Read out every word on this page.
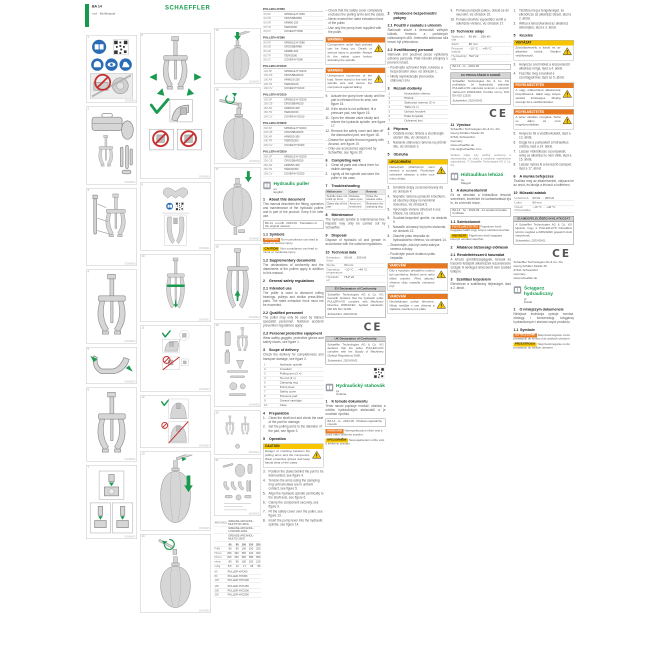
BA 14
mul · Multilingual
SCHAEFFLER
1
000A86D9
2
000A86DA
3
000A86DB
4
000A86DC
5
000A86DD
6
000A86DE
7
000A86DF
8
000A86E0
9
000A86E1
10
000A86E2
11
000A86E3
12
000A86E4
13
000A86E5
14
000A86E6
15
000A86E7
16
000A86E8
17
000A86E9
18
000A86EA
19
000A86EB
20
000A86EC
21
000A86ED
ARCANOL	GREASE-ARCANOL-MULTITOP-400G
	GREASE-ARCANOL-LOAD400-400G
	GREASE-ARCANOL-MULTI2-250G
	60	80	100	150	250
F/kN	60	80	100	150	250
H/mm	250	320	350	420	640
D/mm	200	250	300	380	650
s/mm	80	80	100	100	120
m/kg	8,5	12	17	28	86
60	PULLER-HYD60
80	PULLER-HYD80
100	PULLER-HYD100
150	PULLER-HYD150
200	PULLER-HYD200
250	PULLER-HYD250
PULLER-HYD60
60.SP	SPINDLE-HYD60
60.CB	CROSSBAR60
60.AR	ARM60-150
60.TR	TIEROD60
60.CV	COVER-HYD60
PULLER-HYD80
80.SP	SPINDLE-HYD80
80.CB	CROSSBAR80
80.AR	ARM80-200
80.TR	TIEROD80
80.CV	COVER-HYD80
PULLER-HYD100
100.SP	SPINDLE-HYD100
100.CB	CROSSBAR100
100.AR	ARM100-250
100.TR	TIEROD100
100.CV	COVER-HYD100
PULLER-HYD150
150.SP	SPINDLE-HYD150
150.CB	CROSSBAR150
150.AR	ARM150-300
150.TR	TIEROD150
150.CV	COVER-HYD150
PULLER-HYD200
200.SP	SPINDLE-HYD200
200.CB	CROSSBAR200
200.AR	ARM200-350
200.TR	TIEROD200
200.CV	COVER-HYD200
PULLER-HYD250
250.SP	SPINDLE-HYD250
250.CB	CROSSBAR250
250.AR	ARM250-400
250.TR	TIEROD250
250.CV	COVER-HYD250
Hydraulic puller
en
English
1 About this document
This manual describes the fitting, operation and maintenance of the hydraulic pullers and is part of the product. Keep it for later use.
BA 14 · en-GB · 2023-09 · Translation of the original manual
1.1 Symbols
WARNING Non-compliance can lead to death or serious injury.
CAUTION Non-compliance can lead to minor or moderate injury.
1.2 Supplementary documents
The declarations of conformity and the datasheets of the pullers apply in addition to this manual.
2 General safety regulations
2.1 Intended use
The puller is used to dismount rolling bearings, pulleys and similar press-fitted parts. The rated extraction force must not be exceeded.
2.2 Qualified personnel
The puller may only be used by trained specialist personnel. National accident prevention regulations apply.
2.3 Personal protective equipment
Wear safety goggles, protective gloves and safety shoes, see figure 1.
3 Scope of delivery
Check the delivery for completeness and transport damage, see figure 2.
1	Hydraulic spindle
2	Crossbar
3	Pulling arm (3 ×)
4	Tie rod (3 ×)
5	Clamping ring
6	Pump lever
7	Safety cover
8	Pressure pad
9	Grease cartridge
10	Case
4 Preparation
1. Clean the shaft end and check the seat of the part for damage.
2. Set the pulling arms to the diameter of the part, see figure 3.
5 Operation
CAUTION
Danger of crushing between the pulling arms and the component. Wear protective gloves and keep hands clear of the claws.
!
3. Position the claws behind the part to be dismounted, see figure 4.
4. Tension the arms using the clamping ring until all claws are in uniform contact, see figure 5.
5. Align the hydraulic spindle centrically to the shaft axis, see figure 6.
6. Clamp the component securely, see figure 9.
7. Fit the safety cover over the puller, see figure 13.
8. Insert the pump lever into the hydraulic spindle, see figure 14.
– Check that the safety cover completely encloses the pulling arms and the claws.
– Never exceed the rated extraction force of the puller.
– Use only the pump lever supplied with the puller.
WARNING
Components under high preload can be flung out. Death or serious injury is possible. Always fit the safety cover before actuating the spindle.
!
WARNING
Unexpected movement of the load. Never stand in line with the spindle axis and secure the component against falling.
!
9. Actuate the pump lever slowly until the part is released from its seat, see figure 15.
10. If the stroke is not sufficient, fit a pressure pad, see figure 16.
11. Open the release valve slowly and relieve the hydraulic spindle, see figure 17.
12. Remove the safety cover and take off the dismounted part, see figure 18.
– Grease the spindle thread regularly with Arcanol, see figure 19.
– Only use accessories approved by Schaeffler, see figure 20.
6 Completing work
1. Clean all parts and check them for visible damage.
2. Lightly oil the spindle and store the puller in the case.
7 Troubleshooting
Malfunction	Cause	Remedy
Spindle does not build up force	Release valve open	Close the release valve
Claws slip off the part	Arms not tensioned	Retension the clamping ring
8 Maintenance
The hydraulic spindle is maintenance-free. Repairs may only be carried out by Schaeffler.
9 Disposal
Dispose of hydraulic oil and grease in accordance with the national regulations.
10 Technical data
Extraction force	60 kN … 250 kN
Stroke	80 mm
Operating temperature	−10 °C … +40 °C
Hydraulic oil	HLP 22
EU Declaration of Conformity
Schaeffler Technologies AG & Co. KG herewith declares that the hydraulic puller PULLER-HYD complies with Machinery Directive 2006/42/EC. Applied standards: DIN EN ISO 12100.
Schweinfurt, 2023-09-01
CE
UK Declaration of Conformity
Schaeffler Technologies AG & Co. KG declares that the puller PULLER-HYD complies with the Supply of Machinery (Safety) Regulations 2008.
Schweinfurt, 2023-09-01
Hydraulický stahovák
cs
Čeština
1 K tomuto dokumentu
Tento návod popisuje montáž, obsluhu a údržbu hydraulických stahováků a je součástí výrobku.
BA 14 · cs · 2023-09 · Překlad originálního návodu
VAROVÁNÍ Nerespektování může vést k úmrtí nebo těžkému zranění.
UPOZORNĚNÍ Nerespektování může vést k lehkému zranění.
2 Všeobecné bezpečnostní pokyny
2.1 Použití v souladu s určením
Stahovák slouží k demontáži valivých ložisek, řemenic a podobných nalisovaných dílů. Jmenovitá stahovací síla nesmí být překročena.
2.2 Kvalifikovaný personál
Stahovák smí používat pouze vyškolený odborný personál. Platí národní předpisy o prevenci úrazů.
– Používejte ochranné brýle, rukavice a bezpečnostní obuv, viz obrázek 1.
– Nikdy nepřekračujte jmenovitou stahovací sílu.
3 Rozsah dodávky
1	Hydraulické vřeteno
2	Příčník
3	Stahovací rameno (3 ×)
4	Táhlo (3 ×)
5	Upínací kroužek
6	Páka čerpadla
7	Ochranný kryt
4 Příprava
1. Očistěte konec hřídele a zkontrolujte uložení dílu, viz obrázek 2.
2. Nastavte stahovací ramena na průměr dílu, viz obrázek 3.
5 Obsluha
UPOZORNĚNÍ
Nebezpečí přiskřípnutí mezi rameny a součástí. Používejte ochranné rukavice a držte ruce mimo drápy.
!
3. Umístěte drápy za demontovaný díl, viz obrázek 4.
4. Napněte ramena upínacím kroužkem, až všechny drápy rovnoměrně dosednou, viz obrázek 5.
5. Vyrovnejte vřeteno středově k ose hřídele, viz obrázek 6.
6. Součást bezpečně upněte, viz obrázek 9.
7. Nasaďte ochranný kryt přes stahovák, viz obrázek 13.
8. Zasuňte páku čerpadla do hydraulického vřetena, viz obrázek 14.
– Zkontrolujte, zda kryt zcela zakrývá ramena a drápy.
– Používejte pouze dodanou páku čerpadla.
VAROVÁNÍ
Díly s vysokým předpětím mohou být vymrštěny. Možné úmrtí nebo těžké zranění. Před aktivací vřetena vždy nasaďte ochranný kryt.
!
VAROVÁNÍ
Neočekávaný pohyb břemene. Nikdy nestůjte v ose vřetena a zajistěte součást proti pádu.	!
9. Pomalu pumpujte pákou, dokud se díl neuvolní, viz obrázek 15.
10. Pomalu otevřete vypouštěcí ventil a odlehčete vřeteno, viz obrázek 17.
10 Technické údaje
Stahovací síla	60 kN … 250 kN
Zdvih	80 mm
Provozní teplota	−10 °C … +40 °C
Hydraulický olej	HLP 22
BA 14 · cs · 2023-09
EU PROHLÁŠENÍ O SHODĚ
Schaeffler Technologies AG & Co. KG prohlašuje, že hydraulický stahovák PULLER-HYD odpovídá směrnici o strojních zařízeních 2006/42/ES. Použité normy: DIN EN ISO 12100.
Schweinfurt, 2023-09-01
CE
11 Výrobce
Schaeffler Technologies AG & Co. KG
Georg-Schäfer-Straße 30
97421 Schweinfurt
Germany
www.schaeffler.de
info.de@schaeffler.com
Veškeré údaje byly pečlivě sestaveny a zkontrolovány, za chyby a neúplnost nepřebíráme odpovědnost. © Schaeffler Technologies AG & Co. KG
Hidraulikus lehúzó
hu
Magyar
1 A dokumentumról
Ez az útmutató a hidraulikus lehúzók szerelését, kezelését és karbantartását írja le, és a termék része.
BA 14 · hu · 2023-09 · Az eredeti útmutató fordítása
1.1 Szimbólumok
FIGYELMEZTETÉS Figyelmen kívül hagyása halált vagy súlyos sérülést okozhat.
VIGYÁZAT Figyelmen kívül hagyása könnyű sérülést okozhat.
2 Általános biztonsági előírások
2.1 Rendeltetésszerű használat
A lehúzó gördülőcsapágyak, tárcsák és hasonló felsajtolt alkatrészek leszerelésére szolgál. A névleges lehúzóerőt nem szabad túllépni.
3 Szállítási terjedelem
Ellenőrizze a szállítmány teljességét, lásd a 2. ábrát.
1. Tisztítsa meg a tengelyvéget, és ellenőrizze az alkatrész ülését, lásd a 2. ábrát.
2. Állítsa a lehúzókarokat az alkatrész átmérőjére, lásd a 3. ábrát.
5 Kezelés
VIGYÁZAT
Zúzódásveszély a karok és az alkatrész között. Viseljen védőkesztyűt.	!
3. Helyezze a körmöket a leszerelendő alkatrész mögé, lásd a 4. ábrát.
4. Feszítse meg a karokat a szorítógyűrűvel, lásd az 5. ábrát.
FIGYELMEZTETÉS
A nagy előfeszítésű alkatrészek kirepülhetnek. Halál vagy súlyos sérülés lehetséges. Mindig szerelje fel a védőburkolatot.
!
FIGYELMEZTETÉS
A teher váratlan mozgása. Soha ne álljon az orsó tengelyvonalában.	!
5. Helyezze fel a védőburkolatot, lásd a 13. ábrát.
6. Dugja be a pumpakart a hidraulikus orsóba, lásd a 14. ábrát.
7. Lassan működtesse a pumpakart, amíg az alkatrész le nem válik, lásd a 15. ábrát.
8. Lassan nyissa ki a leeresztő szelepet, lásd a 17. ábrát.
6 A munka befejezése
Tisztítsa meg az alkatrészeket, olajozza be az orsót, és tárolja a lehúzót a kofferben.
10 Műszaki adatok
Lehúzóerő	60 kN … 250 kN
Löket	80 mm
Üzemi hőmérséklet	−10 °C … +40 °C
EU-MEGFELELŐSÉGI NYILATKOZAT
A Schaeffler Technologies AG & Co. KG kijelenti, hogy a PULLER-HYD hidraulikus lehúzó megfelel a 2006/42/EK gépekről szóló irányelvnek.
Schweinfurt, 2023-09-01
CE
Schaeffler Technologies AG & Co. KG
Georg-Schäfer-Straße 30
97421 Schweinfurt
Germany
www.schaeffler.de
Ściągacz hydrauliczny
pl
Polski
1 O niniejszym dokumencie
Niniejsza instrukcja opisuje montaż, obsługę i konserwację ściągaczy hydraulicznych i stanowi część produktu.
1.1 Symbole
OSTRZEŻENIE Nieprzestrzeganie może prowadzić do śmierci lub ciężkich obrażeń.
PRZESTROGA Nieprzestrzeganie może prowadzić do lekkich obrażeń.
